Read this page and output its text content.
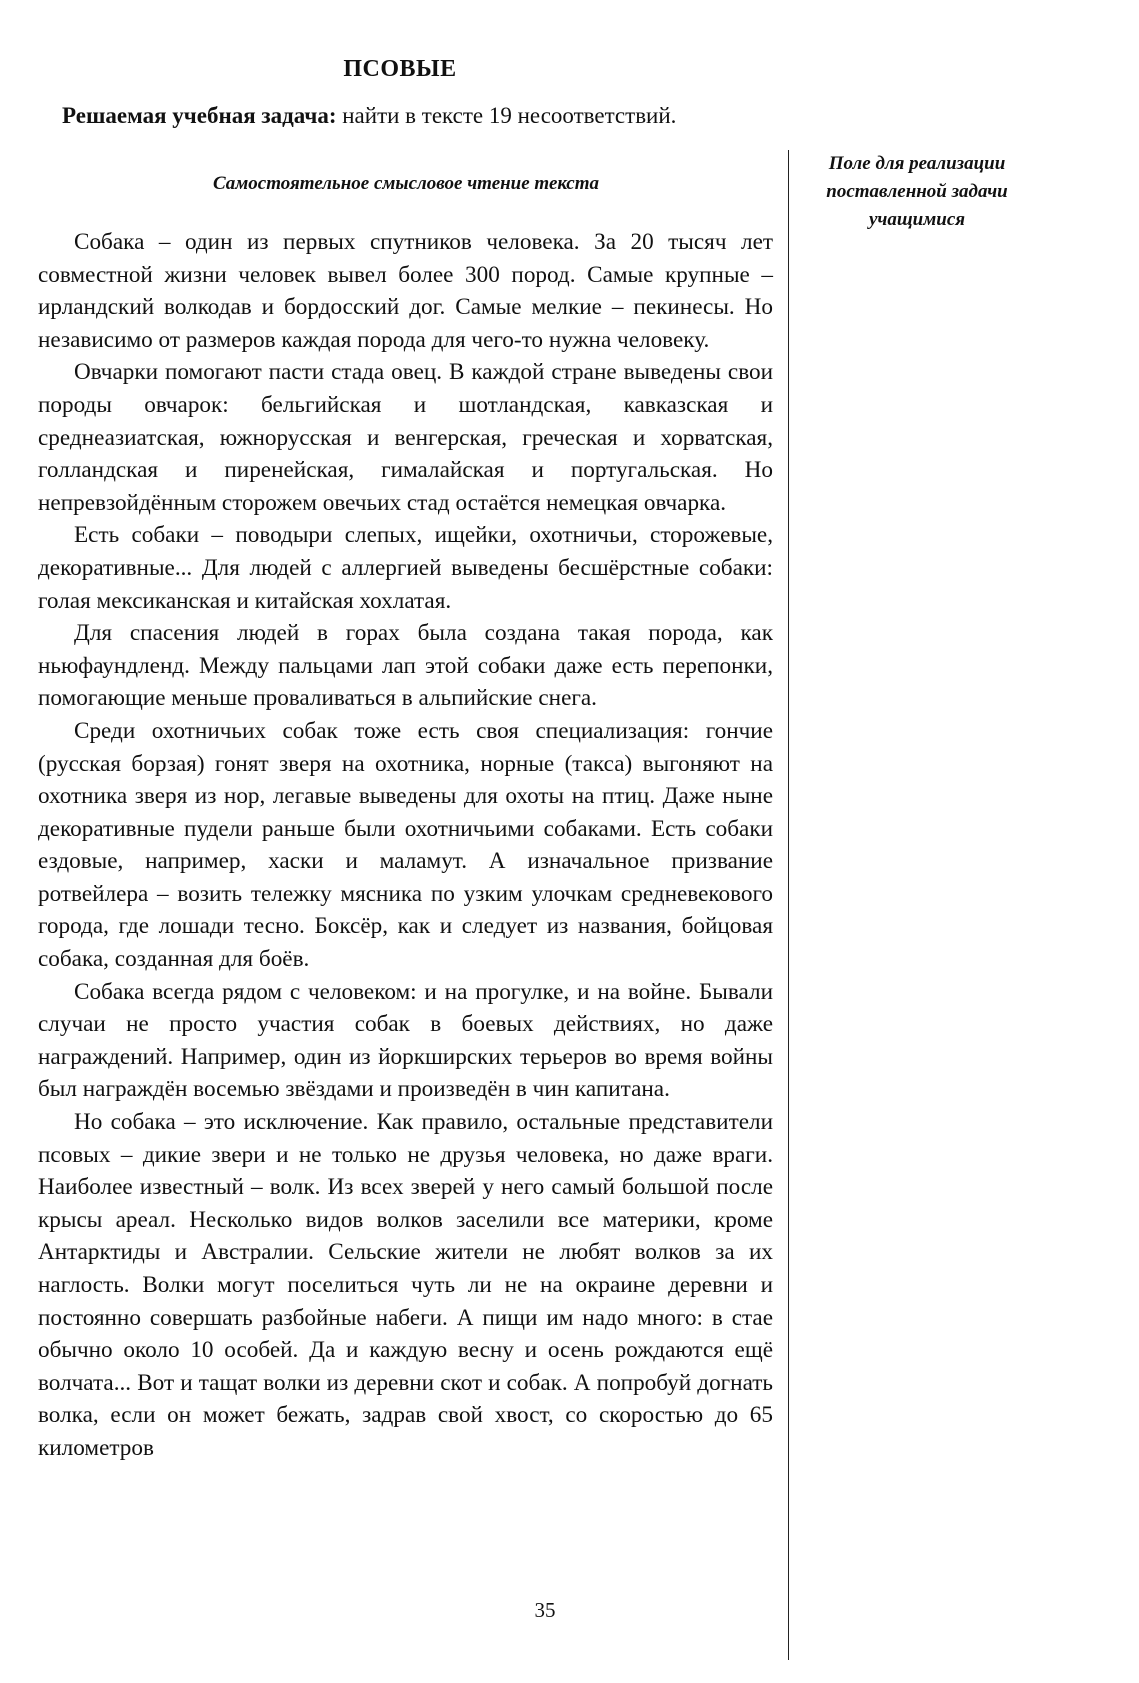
ПСОВЫЕ
Решаемая учебная задача: найти в тексте 19 несоответствий.
Самостоятельное смысловое чтение текста
Поле для реализации
поставленной задачи
учащимися

Собака – один из первых спутников человека. За 20 тысяч лет совместной жизни человек вывел более 300 пород. Самые крупные – ирландский волкодав и бордосский дог. Самые мелкие – пекинесы. Но независимо от размеров каждая порода для чего-то нужна человеку.

Овчарки помогают пасти стада овец. В каждой стране выведены свои породы овчарок: бельгийская и шотландская, кавказская и среднеазиатская, южнорусская и венгерская, греческая и хорватская, голландская и пиренейская, гималайская и португальская. Но непревзойдённым сторожем овечьих стад остаётся немецкая овчарка.

Есть собаки – поводыри слепых, ищейки, охотничьи, сторожевые, декоративные... Для людей с аллергией выведены бесшёрстные собаки: голая мексиканская и китайская хохлатая.

Для спасения людей в горах была создана такая порода, как ньюфаундленд. Между пальцами лап этой собаки даже есть перепонки, помогающие меньше проваливаться в альпийские снега.

Среди охотничьих собак тоже есть своя специализация: гончие (русская борзая) гонят зверя на охотника, норные (такса) выгоняют на охотника зверя из нор, легавые выведены для охоты на птиц. Даже ныне декоративные пудели раньше были охотничьими собаками. Есть собаки ездовые, например, хаски и маламут. А изначальное призвание ротвейлера – возить тележку мясника по узким улочкам средневекового города, где лошади тесно. Боксёр, как и следует из названия, бойцовая собака, созданная для боёв.

Собака всегда рядом с человеком: и на прогулке, и на войне. Бывали случаи не просто участия собак в боевых действиях, но даже награждений. Например, один из йоркширских терьеров во время войны был награждён восемью звёздами и произведён в чин капитана.

Но собака – это исключение. Как правило, остальные представители псовых – дикие звери и не только не друзья человека, но даже враги. Наиболее известный – волк. Из всех зверей у него самый большой после крысы ареал. Несколько видов волков заселили все материки, кроме Антарктиды и Австралии. Сельские жители не любят волков за их наглость. Волки могут поселиться чуть ли не на окраине деревни и постоянно совершать разбойные набеги. А пищи им надо много: в стае обычно около 10 особей. Да и каждую весну и осень рождаются ещё волчата... Вот и тащат волки из деревни скот и собак. А попробуй догнать волка, если он может бежать, задрав свой хвост, со скоростью до 65 километров

35
